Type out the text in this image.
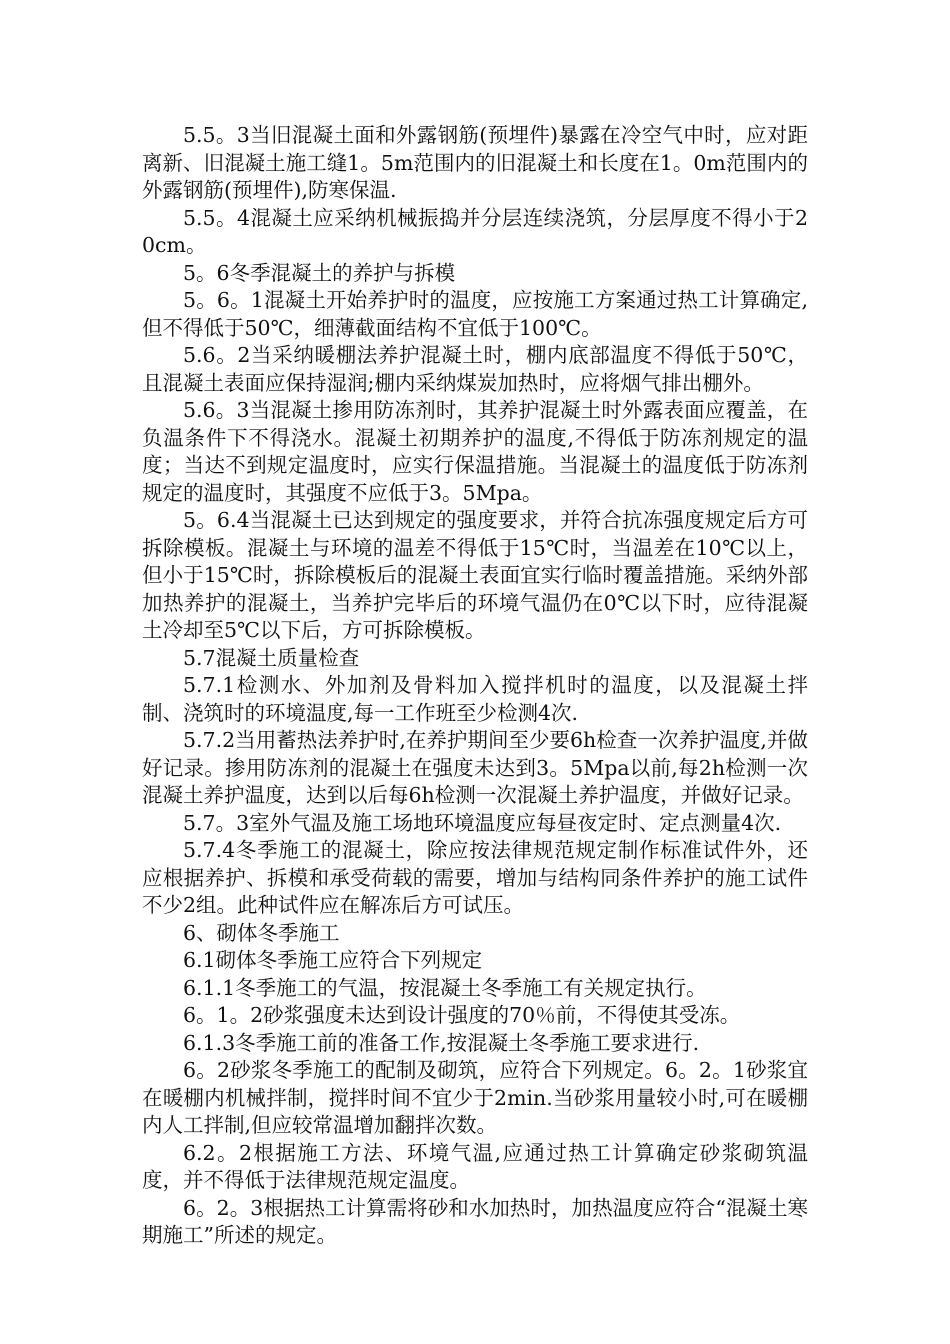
5.5。3当旧混凝土面和外露钢筋(预埋件)暴露在冷空气中时，应对距离新、旧混凝土施工缝1。5m范围内的旧混凝土和长度在1。0m范围内的外露钢筋(预埋件),防寒保温.

5.5。4混凝土应采纳机械振捣并分层连续浇筑，分层厚度不得小于20cm。

5。6冬季混凝土的养护与拆模

5。6。1混凝土开始养护时的温度，应按施工方案通过热工计算确定,但不得低于50℃，细薄截面结构不宜低于100℃。

5.6。2当采纳暖棚法养护混凝土时，棚内底部温度不得低于50℃，且混凝土表面应保持湿润;棚内采纳煤炭加热时，应将烟气排出棚外。

5.6。3当混凝土掺用防冻剂时，其养护混凝土时外露表面应覆盖，在负温条件下不得浇水。混凝土初期养护的温度,不得低于防冻剂规定的温度；当达不到规定温度时，应实行保温措施。当混凝土的温度低于防冻剂规定的温度时，其强度不应低于3。5Mpa。

5。6.4当混凝土已达到规定的强度要求，并符合抗冻强度规定后方可拆除模板。混凝土与环境的温差不得低于15℃时，当温差在10℃以上，但小于15℃时，拆除模板后的混凝土表面宜实行临时覆盖措施。采纳外部加热养护的混凝土，当养护完毕后的环境气温仍在0℃以下时，应待混凝土冷却至5℃以下后，方可拆除模板。

5.7混凝土质量检查

5.7.1检测水、外加剂及骨料加入搅拌机时的温度，以及混凝土拌制、浇筑时的环境温度,每一工作班至少检测4次.

5.7.2当用蓄热法养护时,在养护期间至少要6h检查一次养护温度,并做好记录。掺用防冻剂的混凝土在强度未达到3。5Mpa以前,每2h检测一次混凝土养护温度，达到以后每6h检测一次混凝土养护温度，并做好记录。

5.7。3室外气温及施工场地环境温度应每昼夜定时、定点测量4次.

5.7.4冬季施工的混凝土，除应按法律规范规定制作标准试件外，还应根据养护、拆模和承受荷载的需要，增加与结构同条件养护的施工试件不少2组。此种试件应在解冻后方可试压。

6、砌体冬季施工

6.1砌体冬季施工应符合下列规定

6.1.1冬季施工的气温，按混凝土冬季施工有关规定执行。

6。1。2砂浆强度未达到设计强度的70％前，不得使其受冻。

6.1.3冬季施工前的准备工作,按混凝土冬季施工要求进行.

6。2砂浆冬季施工的配制及砌筑，应符合下列规定。6。2。1砂浆宜在暖棚内机械拌制，搅拌时间不宜少于2min.当砂浆用量较小时,可在暖棚内人工拌制,但应较常温增加翻拌次数。

6.2。2根据施工方法、环境气温,应通过热工计算确定砂浆砌筑温度，并不得低于法律规范规定温度。

6。2。3根据热工计算需将砂和水加热时，加热温度应符合“混凝土寒期施工”所述的规定。
